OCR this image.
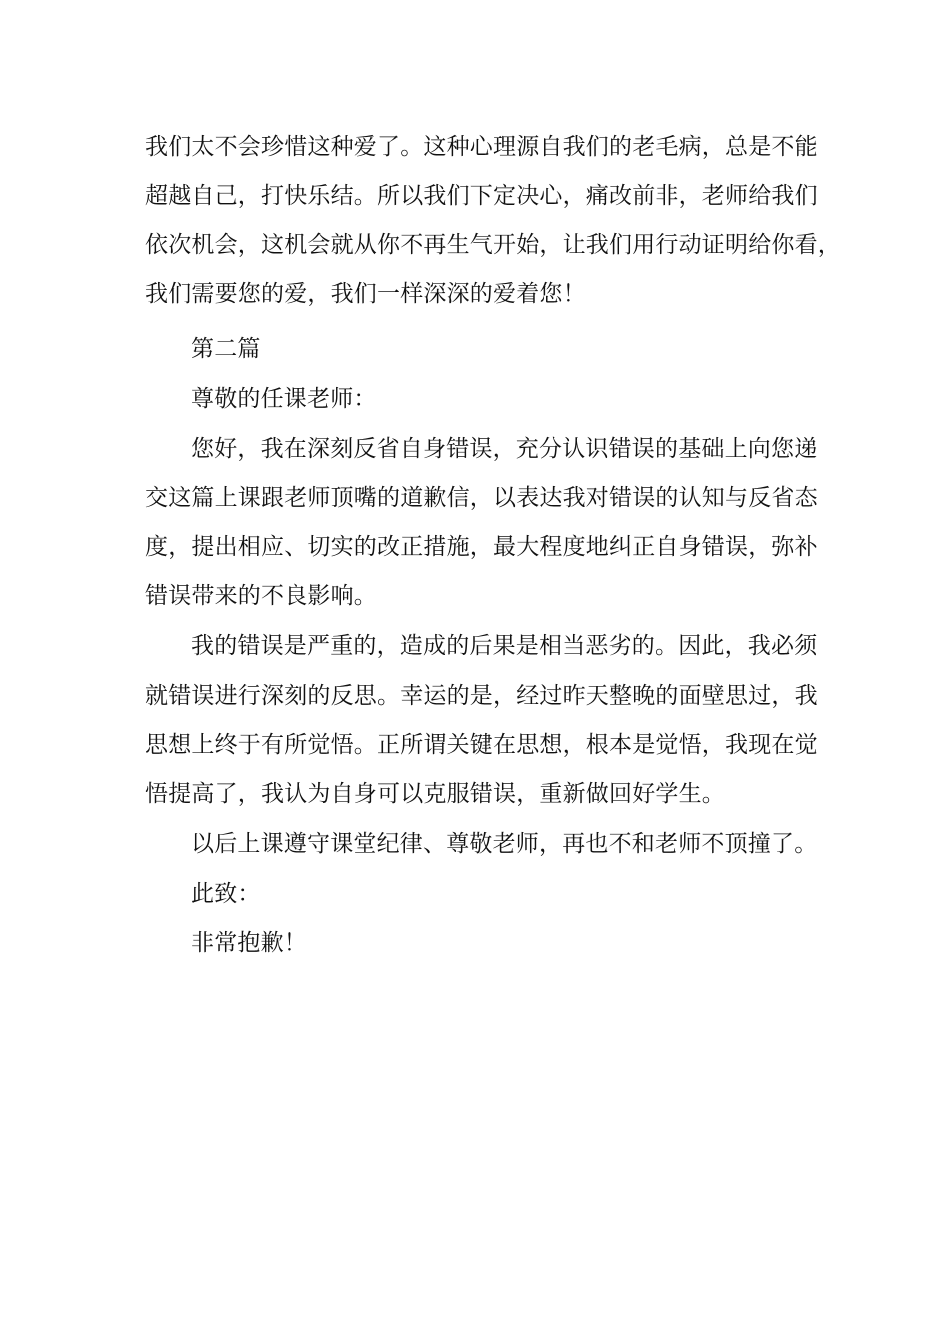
我们太不会珍惜这种爱了。这种心理源自我们的老毛病，总是不能
超越自己，打快乐结。所以我们下定决心，痛改前非，老师给我们
依次机会，这机会就从你不再生气开始，让我们用行动证明给你看，
我们需要您的爱，我们一样深深的爱着您！
第二篇
尊敬的任课老师：
您好，我在深刻反省自身错误，充分认识错误的基础上向您递
交这篇上课跟老师顶嘴的道歉信，以表达我对错误的认知与反省态
度，提出相应、切实的改正措施，最大程度地纠正自身错误，弥补
错误带来的不良影响。
我的错误是严重的，造成的后果是相当恶劣的。因此，我必须
就错误进行深刻的反思。幸运的是，经过昨天整晚的面壁思过，我
思想上终于有所觉悟。正所谓关键在思想，根本是觉悟，我现在觉
悟提高了，我认为自身可以克服错误，重新做回好学生。
以后上课遵守课堂纪律、尊敬老师，再也不和老师不顶撞了。
此致：
非常抱歉！
